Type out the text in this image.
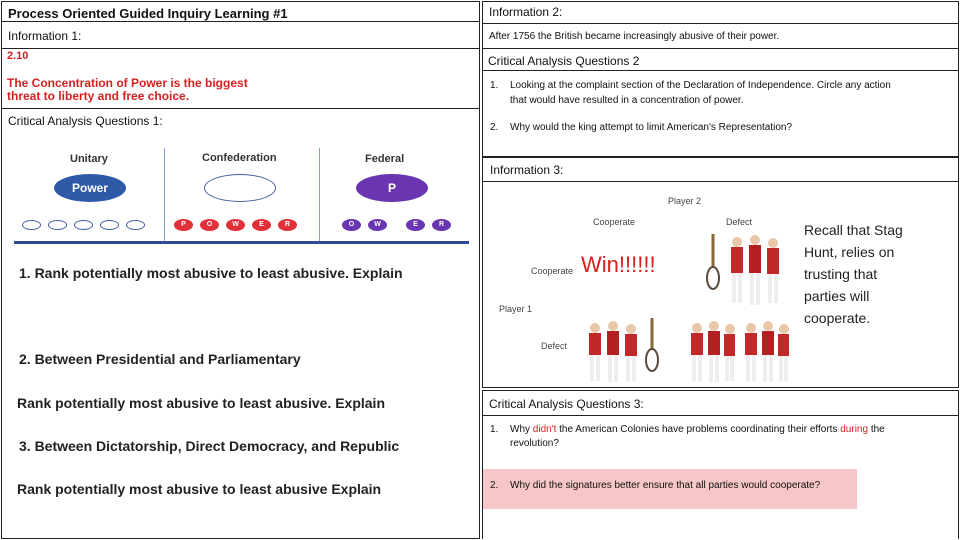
Process Oriented Guided Inquiry Learning #1
Information 1:
2.10
The Concentration of Power is the biggest
threat to liberty and free choice.
Critical Analysis Questions 1:
Unitary	Confederation	Federal
Power	P
P	O	W	E	R	O	W	E	R
1. Rank potentially most abusive to least abusive. Explain
2. Between Presidential and Parliamentary
Rank potentially most abusive to least abusive. Explain
3. Between Dictatorship, Direct Democracy, and Republic
Rank potentially most abusive to least abusive Explain
Information 2:
After 1756 the British became increasingly abusive of their power.
Critical Analysis Questions 2
1. Looking at the complaint section of the Declaration of Independence. Circle any action
that would have resulted in a concentration of power.
2. Why would the king attempt to limit American's Representation?
Information 3:
Player 2
Cooperate	Defect
Cooperate
Player 1
Defect
Win!!!!!!
Recall that Stag
Hunt, relies on
trusting that
parties will
cooperate.
Critical Analysis Questions 3:
1. Why didn't the American Colonies have problems coordinating their efforts during the
revolution?
2. Why did the signatures better ensure that all parties would cooperate?
